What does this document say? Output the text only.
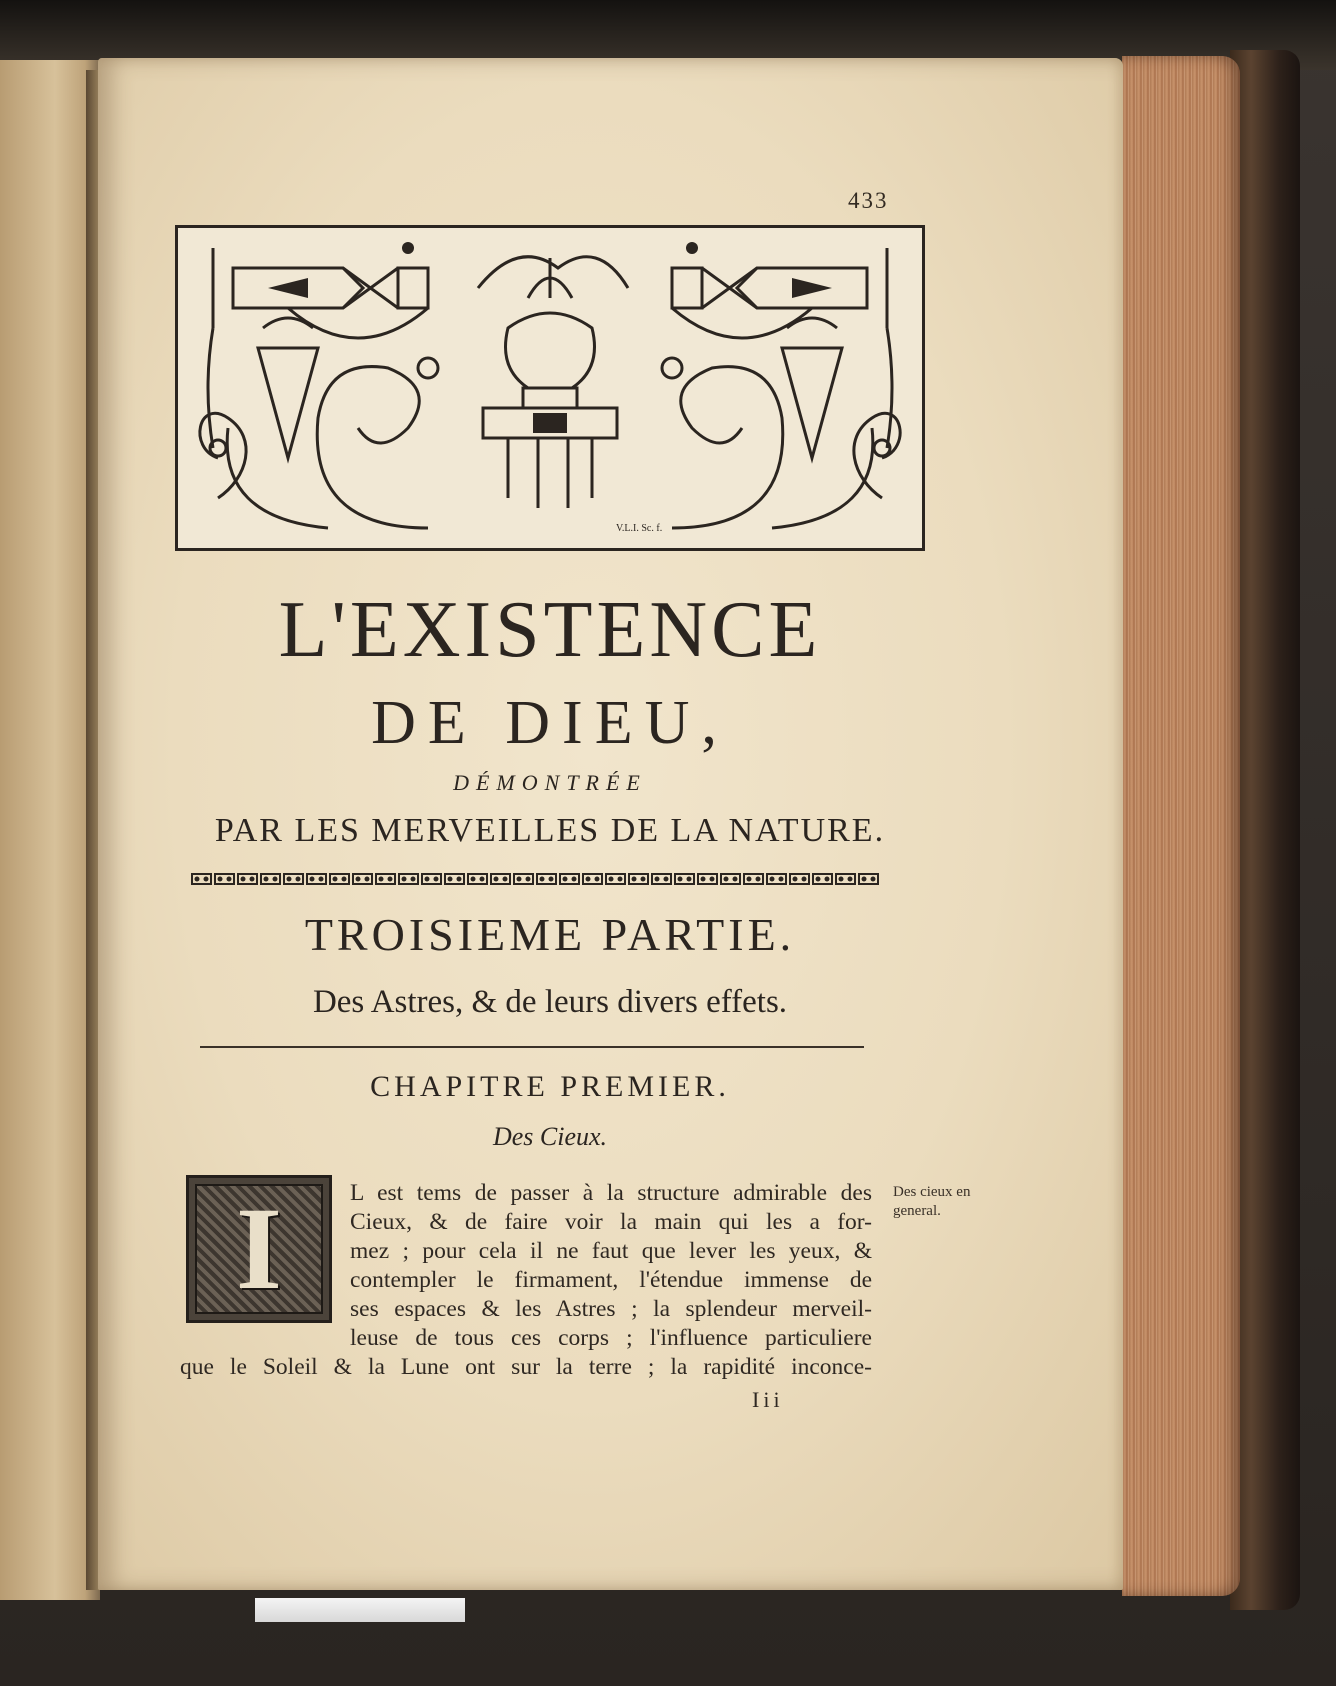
433
V.L.I. Sc. f.
L'EXISTENCE
DE DIEU,
DÉMONTRÉE
PAR LES MERVEILLES DE LA NATURE.
TROISIEME PARTIE.
Des Astres, & de leurs divers effets.
CHAPITRE PREMIER.
Des Cieux.
I	L est tems de passer à la structure admirable des
Cieux, & de faire voir la main qui les a for-
mez ; pour cela il ne faut que lever les yeux, &
contempler le firmament, l'étendue immense de
ses espaces & les Astres ; la splendeur merveil-
leuse de tous ces corps ; l'influence particuliere
que le Soleil & la Lune ont sur la terre ; la rapidité inconce-
Des cieux en
general.
Iii
